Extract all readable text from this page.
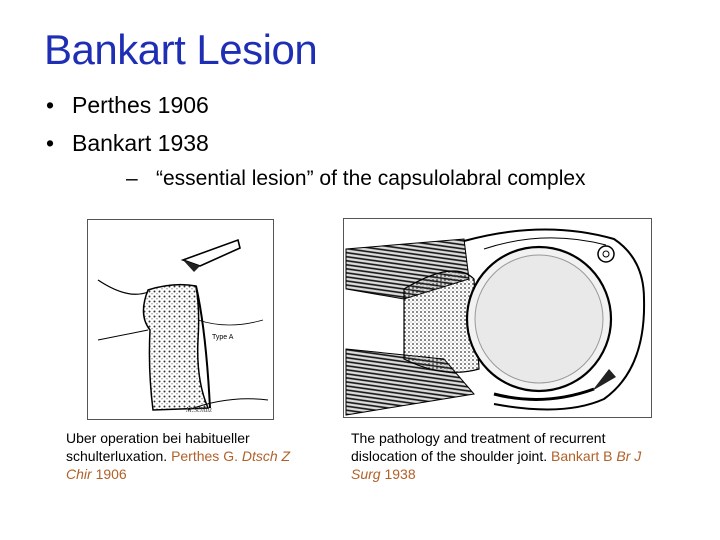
Bankart Lesion
• Perthes 1906
• Bankart 1938
– “essential lesion” of the capsulolabral complex
Type A
M.Schulz
Uber operation bei habitueller schulterluxation. Perthes G. Dtsch Z Chir 1906
The pathology and treatment of recurrent dislocation of the shoulder joint. Bankart B Br J Surg 1938
